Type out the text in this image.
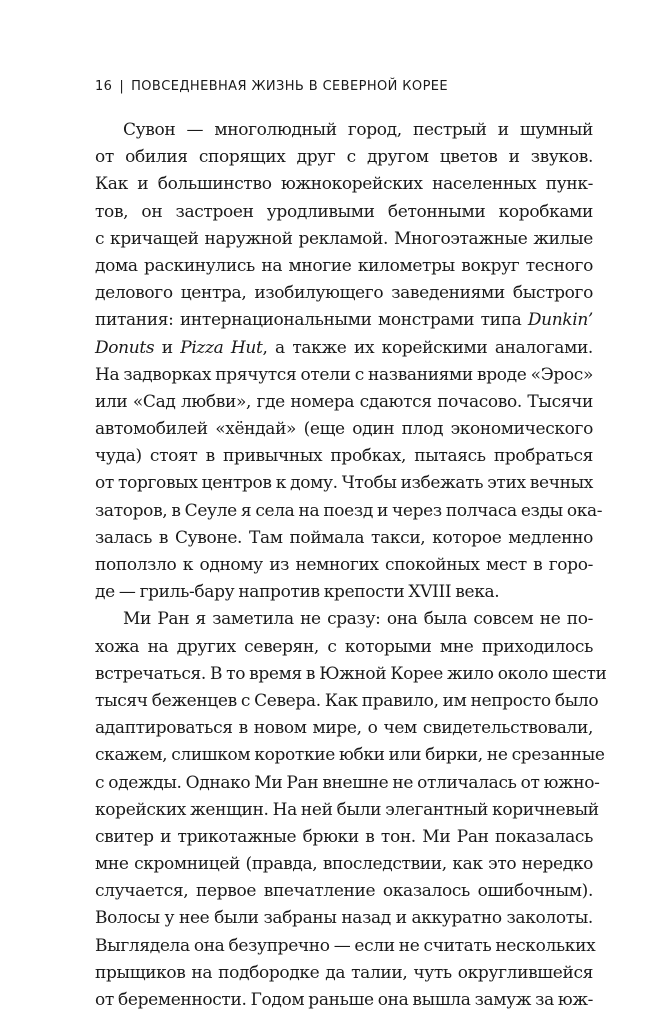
16 | ПОВСЕДНЕВНАЯ ЖИЗНЬ В СЕВЕРНОЙ КОРЕЕ
Сувон — многолюдный город, пестрый и шумный
от обилия спорящих друг с другом цветов и звуков.
Как и большинство южнокорейских населенных пунк-
тов, он застроен уродливыми бетонными коробками
с кричащей наружной рекламой. Многоэтажные жилые
дома раскинулись на многие километры вокруг тесного
делового центра, изобилующего заведениями быстрого
питания: интернациональными монстрами типа Dunkin’
Donuts и Pizza Hut, а также их корейскими аналогами.
На задворках прячутся отели с названиями вроде «Эрос»
или «Сад любви», где номера сдаются почасово. Тысячи
автомобилей «хёндай» (еще один плод экономического
чуда) стоят в привычных пробках, пытаясь пробраться
от торговых центров к дому. Чтобы избежать этих вечных
заторов, в Сеуле я села на поезд и через полчаса езды ока-
залась в Сувоне. Там поймала такси, которое медленно
поползло к одному из немногих спокойных мест в горо-
де — гриль-бару напротив крепости XVIII века.
Ми Ран я заметила не сразу: она была совсем не по-
хожа на других северян, с которыми мне приходилось
встречаться. В то время в Южной Корее жило около шести
тысяч беженцев с Севера. Как правило, им непросто было
адаптироваться в новом мире, о чем свидетельствовали,
скажем, слишком короткие юбки или бирки, не срезанные
с одежды. Однако Ми Ран внешне не отличалась от южно-
корейских женщин. На ней были элегантный коричневый
свитер и трикотажные брюки в тон. Ми Ран показалась
мне скромницей (правда, впоследствии, как это нередко
случается, первое впечатление оказалось ошибочным).
Волосы у нее были забраны назад и аккуратно заколоты.
Выглядела она безупречно — если не считать нескольких
прыщиков на подбородке да талии, чуть округлившейся
от беременности. Годом раньше она вышла замуж за юж-
